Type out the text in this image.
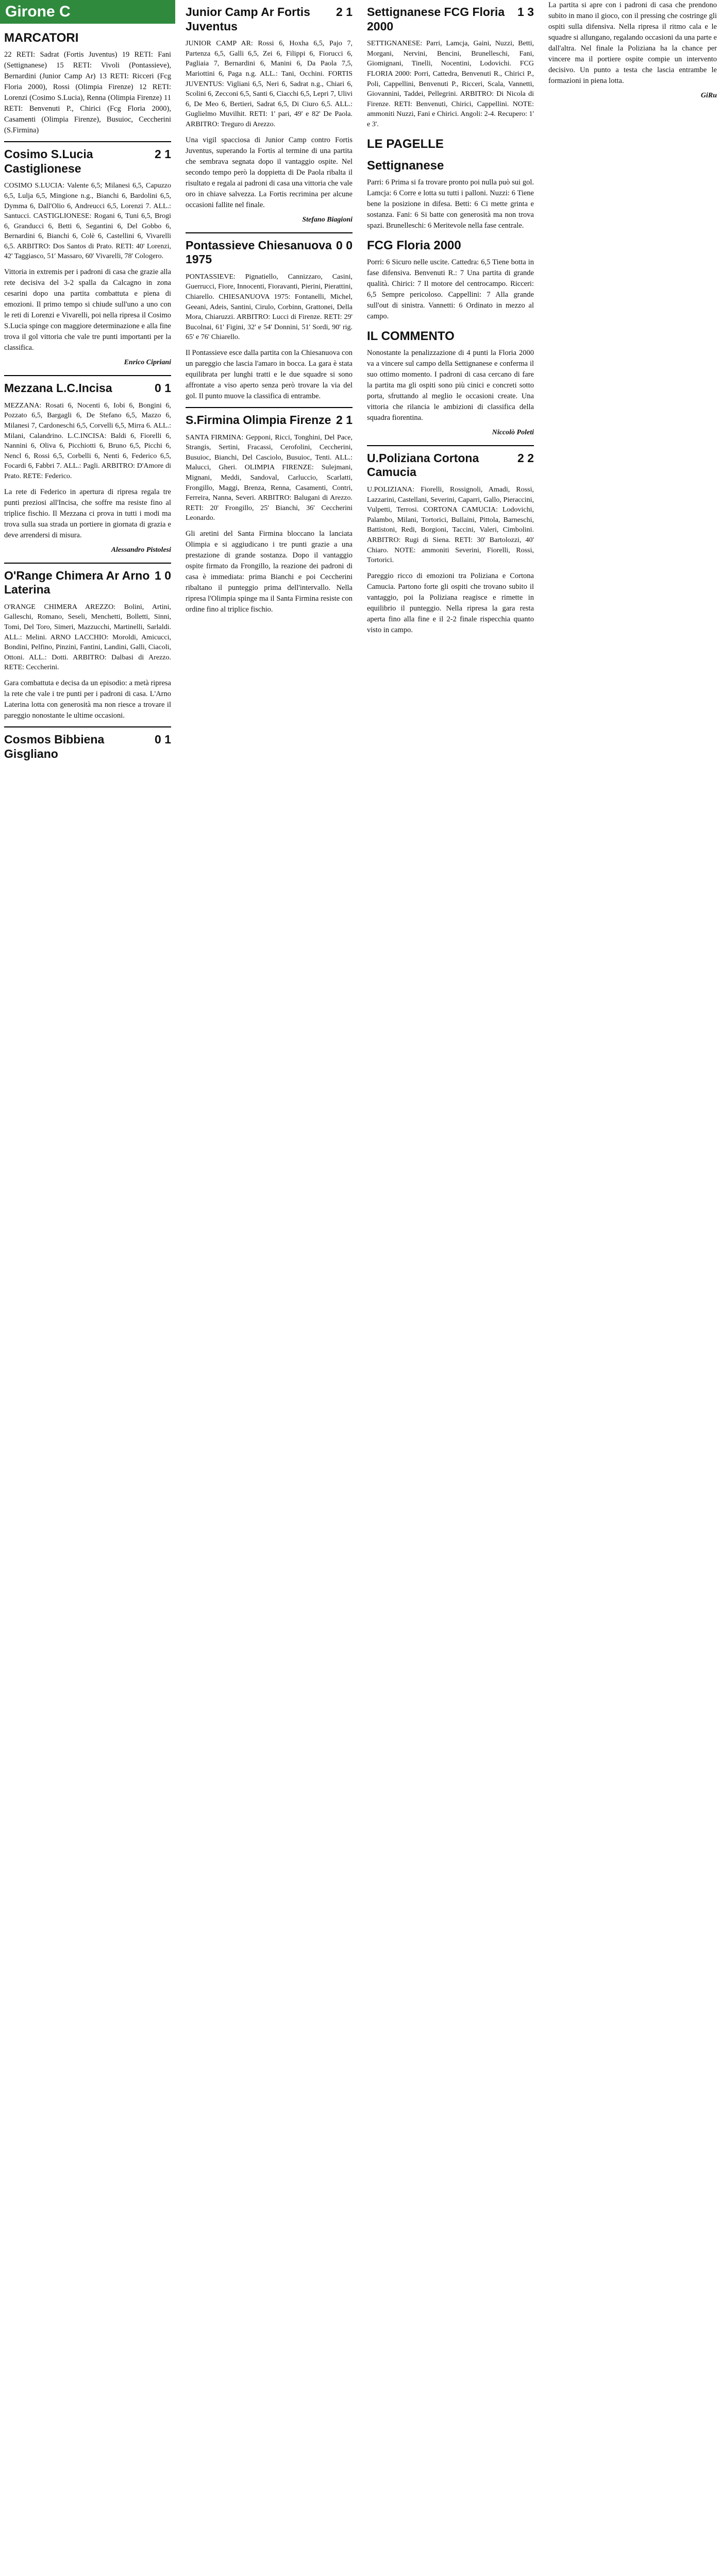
Girone C
MARCATORI

22 RETI: Sadrat (Fortis Juventus) 19 RETI: Fani (Settignanese) 15 RETI: Vivoli (Pontassieve), Bernardini (Junior Camp Ar) 13 RETI: Ricceri (Fcg Floria 2000), Rossi (Olimpia Firenze) 12 RETI: Lorenzi (Cosimo S.Lucia), Renna (Olimpia Firenze) 11 RETI: Benvenuti P., Chirici (Fcg Floria 2000), Casamenti (Olimpia Firenze), Busuioc, Ceccherini (S.Firmina)

2 1
Cosimo S.Lucia Castiglionese

COSIMO S.LUCIA: Valente 6,5; Milanesi 6,5, Capuzzo 6,5, Lulja 6,5, Mingione n.g., Bianchi 6, Bardolini 6,5, Dymma 6, Dall'Olio 6, Andreucci 6,5, Lorenzi 7. ALL.: Santucci. CASTIGLIONESE: Rogani 6, Tuni 6,5, Brogi 6, Granducci 6, Betti 6, Segantini 6, Del Gobbo 6, Bernardini 6, Bianchi 6, Colè 6, Castellini 6, Vivarelli 6,5. ARBITRO: Dos Santos di Prato. RETI: 40' Lorenzi, 42' Taggiasco, 51' Massaro, 60' Vivarelli, 78' Cologero.

Vittoria in extremis per i padroni di casa che grazie alla rete decisiva del 3-2 spalla da Calcagno in zona cesarini dopo una partita combattuta e piena di emozioni. Il primo tempo si chiude sull'uno a uno con le reti di Lorenzi e Vivarelli, poi nella ripresa il Cosimo S.Lucia spinge con maggiore determinazione e alla fine trova il gol vittoria che vale tre punti importanti per la classifica.

Enrico Cipriani
0 1
Mezzana L.C.Incisa

MEZZANA: Rosati 6, Nocenti 6, Iobi 6, Bongini 6, Pozzato 6,5, Bargagli 6, De Stefano 6,5, Mazzo 6, Milanesi 7, Cardoneschi 6,5, Corvelli 6,5, Mirra 6. ALL.: Milani, Calandrino. L.C.INCISA: Baldi 6, Fiorelli 6, Nannini 6, Oliva 6, Picchiotti 6, Bruno 6,5, Picchi 6, Nencl 6, Rossi 6,5, Corbelli 6, Nenti 6, Federico 6,5, Focardi 6, Fabbri 7. ALL.: Pagli. ARBITRO: D'Amore di Prato. RETE: Federico.

La rete di Federico in apertura di ripresa regala tre punti preziosi all'Incisa, che soffre ma resiste fino al triplice fischio. Il Mezzana ci prova in tutti i modi ma trova sulla sua strada un portiere in giornata di grazia e deve arrendersi di misura.

Alessandro Pistolesi
1 0
O'Range Chimera Ar Arno Laterina

O'RANGE CHIMERA AREZZO: Bolini, Artini, Galleschi, Romano, Seseli, Menchetti, Bolletti, Sinni, Tomi, Del Toro, Simeri, Mazzucchi, Martinelli, Sarlaldi. ALL.: Melini. ARNO LACCHIO: Moroldi, Amicucci, Bondini, Pelfino, Pinzini, Fantini, Landini, Galli, Ciacoli, Ottoni. ALL.: Dotti. ARBITRO: Dalbasi di Arezzo. RETE: Ceccherini.

Gara combattuta e decisa da un episodio: a metà ripresa la rete che vale i tre punti per i padroni di casa. L'Arno Laterina lotta con generosità ma non riesce a trovare il pareggio nonostante le ultime occasioni.

0 1
Cosmos Bibbiena Gisgliano
2 1
Junior Camp Ar Fortis Juventus

JUNIOR CAMP AR: Rossi 6, Hoxha 6,5, Pajo 7, Partenza 6,5, Galli 6,5, Zei 6, Filippi 6, Fiorucci 6, Pagliaia 7, Bernardini 6, Manini 6, Da Paola 7,5, Mariottini 6, Paga n.g. ALL.: Tani, Occhini. FORTIS JUVENTUS: Vigliani 6,5, Neri 6, Sadrat n.g., Chiari 6, Scolini 6, Zecconi 6,5, Santi 6, Ciacchi 6,5, Lepri 7, Ulivi 6, De Meo 6, Bertieri, Sadrat 6,5, Di Ciuro 6,5. ALL.: Guglielmo Muvilhit. RETI: 1' pari, 49' e 82' De Paola. ARBITRO: Treguro di Arezzo.

Una vigil spacciosa di Junior Camp contro Fortis Juventus, superando la Fortis al termine di una partita che sembrava segnata dopo il vantaggio ospite. Nel secondo tempo però la doppietta di De Paola ribalta il risultato e regala ai padroni di casa una vittoria che vale oro in chiave salvezza. La Fortis recrimina per alcune occasioni fallite nel finale.

Stefano Biagioni
0 0
Pontassieve Chiesanuova 1975

PONTASSIEVE: Pignatiello, Cannizzaro, Casini, Guerrucci, Fiore, Innocenti, Fioravanti, Pierini, Pierattini, Chiarello. CHIESANUOVA 1975: Fontanelli, Michel, Geeani, Adeis, Santini, Cirulo, Corbinn, Grattonei, Della Mora, Chiaruzzi. ARBITRO: Lucci di Firenze. RETI: 29' Bucolnai, 61' Figini, 32' e 54' Donnini, 51' Sordi, 90' rig. 65' e 76' Chiarello.

Il Pontassieve esce dalla partita con la Chiesanuova con un pareggio che lascia l'amaro in bocca. La gara è stata equilibrata per lunghi tratti e le due squadre si sono affrontate a viso aperto senza però trovare la via del gol. Il punto muove la classifica di entrambe.

2 1
S.Firmina Olimpia Firenze

SANTA FIRMINA: Gepponi, Ricci, Tonghini, Del Pace, Strangis, Sertini, Fracassi, Cerofolini, Ceccherini, Busuioc, Bianchi, Del Casciolo, Busuioc, Tenti. ALL.: Malucci, Gheri. OLIMPIA FIRENZE: Sulejmani, Mignani, Meddi, Sandoval, Carluccio, Scarlatti, Frongillo, Maggi, Brenza, Renna, Casamenti, Contri, Ferreira, Nanna, Severi. ARBITRO: Balugani di Arezzo. RETI: 20' Frongillo, 25' Bianchi, 36' Ceccherini Leonardo.

Gli aretini del Santa Firmina bloccano la lanciata Olimpia e si aggiudicano i tre punti grazie a una prestazione di grande sostanza. Dopo il vantaggio ospite firmato da Frongillo, la reazione dei padroni di casa è immediata: prima Bianchi e poi Ceccherini ribaltano il punteggio prima dell'intervallo. Nella ripresa l'Olimpia spinge ma il Santa Firmina resiste con ordine fino al triplice fischio.

1 3
Settignanese FCG Floria 2000

SETTIGNANESE: Parri, Lamcja, Gaini, Nuzzi, Betti, Morgani, Nervini, Bencini, Brunelleschi, Fani, Giomignani, Tinelli, Nocentini, Lodovichi. FCG FLORIA 2000: Porri, Cattedra, Benvenuti R., Chirici P., Poli, Cappellini, Benvenuti P., Ricceri, Scala, Vannetti, Giovannini, Taddei, Pellegrini. ARBITRO: Di Nicola di Firenze. RETI: Benvenuti, Chirici, Cappellini. NOTE: ammoniti Nuzzi, Fani e Chirici. Angoli: 2-4. Recupero: 1' e 3'.

LE PAGELLE
Settignanese

Parri: 6 Prima si fa trovare pronto poi nulla può sui gol. Lamcja: 6 Corre e lotta su tutti i palloni. Nuzzi: 6 Tiene bene la posizione in difesa. Betti: 6 Ci mette grinta e sostanza. Fani: 6 Si batte con generosità ma non trova spazi. Brunelleschi: 6 Meritevole nella fase centrale.

FCG Floria 2000

Porri: 6 Sicuro nelle uscite. Cattedra: 6,5 Tiene botta in fase difensiva. Benvenuti R.: 7 Una partita di grande qualità. Chirici: 7 Il motore del centrocampo. Ricceri: 6,5 Sempre pericoloso. Cappellini: 7 Alla grande sull'out di sinistra. Vannetti: 6 Ordinato in mezzo al campo.

IL COMMENTO

Nonostante la penalizzazione di 4 punti la Floria 2000 va a vincere sul campo della Settignanese e conferma il suo ottimo momento. I padroni di casa cercano di fare la partita ma gli ospiti sono più cinici e concreti sotto porta, sfruttando al meglio le occasioni create. Una vittoria che rilancia le ambizioni di classifica della squadra fiorentina.

Niccolò Poleti
2 2
U.Poliziana Cortona Camucia

U.POLIZIANA: Fiorelli, Rossignoli, Amadi, Rossi, Lazzarini, Castellani, Severini, Caparri, Gallo, Pieraccini, Vulpetti, Terrosi. CORTONA CAMUCIA: Lodovichi, Palambo, Milani, Tortorici, Bullaini, Pittola, Barneschi, Battistoni, Redi, Borgioni, Taccini, Valeri, Cimbolini. ARBITRO: Rugi di Siena. RETI: 30' Bartolozzi, 40' Chiaro. NOTE: ammoniti Severini, Fiorelli, Rossi, Tortorici.

Pareggio ricco di emozioni tra Poliziana e Cortona Camucia. Partono forte gli ospiti che trovano subito il vantaggio, poi la Poliziana reagisce e rimette in equilibrio il punteggio. Nella ripresa la gara resta aperta fino alla fine e il 2-2 finale rispecchia quanto visto in campo.

La partita si apre con i padroni di casa che prendono subito in mano il gioco, con il pressing che costringe gli ospiti sulla difensiva. Nella ripresa il ritmo cala e le squadre si allungano, regalando occasioni da una parte e dall'altra. Nel finale la Poliziana ha la chance per vincere ma il portiere ospite compie un intervento decisivo. Un punto a testa che lascia entrambe le formazioni in piena lotta.

GiRu
